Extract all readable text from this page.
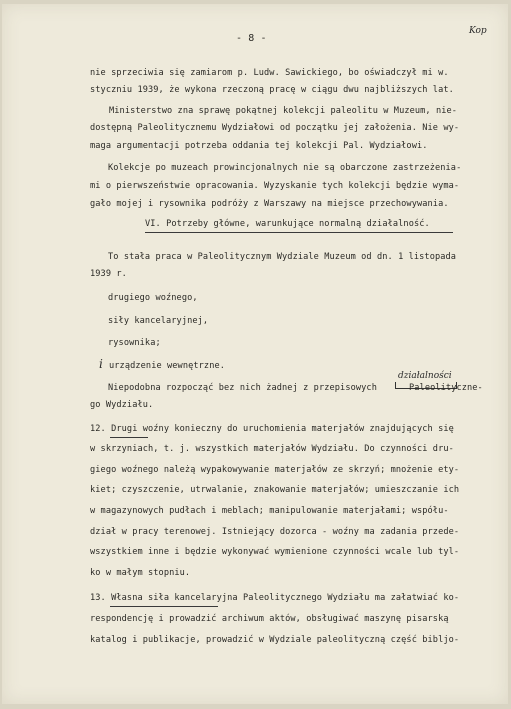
- 8 -
Kop
nie sprzeciwia się zamiarom p. Ludw. Sawickiego, bo oświadczył mi w.
styczniu 1939, że wykona rzeczoną pracę w ciągu dwu najbliższych lat.
Ministerstwo zna sprawę pokątnej kolekcji paleolitu w Muzeum, nie-
dostępną Paleolitycznemu Wydziałowi od początku jej założenia. Nie wy-
maga argumentacji potrzeba oddania tej kolekcji Pal. Wydziałowi.
Kolekcje po muzeach prowincjonalnych nie są obarczone zastrzeżenia-
mi o pierwszeństwie opracowania. Wyzyskanie tych kolekcji będzie wyma-
gało mojej i rysownika podróży z Warszawy na miejsce przechowywania.
VI. Potrzeby główne, warunkujące normalną działalność.
To stała praca w Paleolitycznym Wydziale Muzeum od dn. 1 listopada
1939 r.
drugiego woźnego,
siły kancelaryjnej,
rysownika;
i urządzenie wewnętrzne.
działalności
Niepodobna rozpocząć bez nich żadnej z przepisowych	Paleolityczne-
go Wydziału.
12. Drugi woźny konieczny do uruchomienia materjałów znajdujących się
w skrzyniach, t. j. wszystkich materjałów Wydziału. Do czynności dru-
giego woźnego należą wypakowywanie materjałów ze skrzyń; mnożenie ety-
kiet; czyszczenie, utrwalanie, znakowanie materjałów; umieszczanie ich
w magazynowych pudłach i meblach; manipulowanie materjałami; współu-
dział w pracy terenowej. Istniejący dozorca - woźny ma zadania przede-
wszystkiem inne i będzie wykonywać wymienione czynności wcale lub tyl-
ko w małym stopniu.
13. Własna siła kancelaryjna Paleolitycznego Wydziału ma załatwiać ko-
respondencję i prowadzić archiwum aktów, obsługiwać maszynę pisarską
katalog i publikacje, prowadzić w Wydziale paleolityczną część bibljo-
